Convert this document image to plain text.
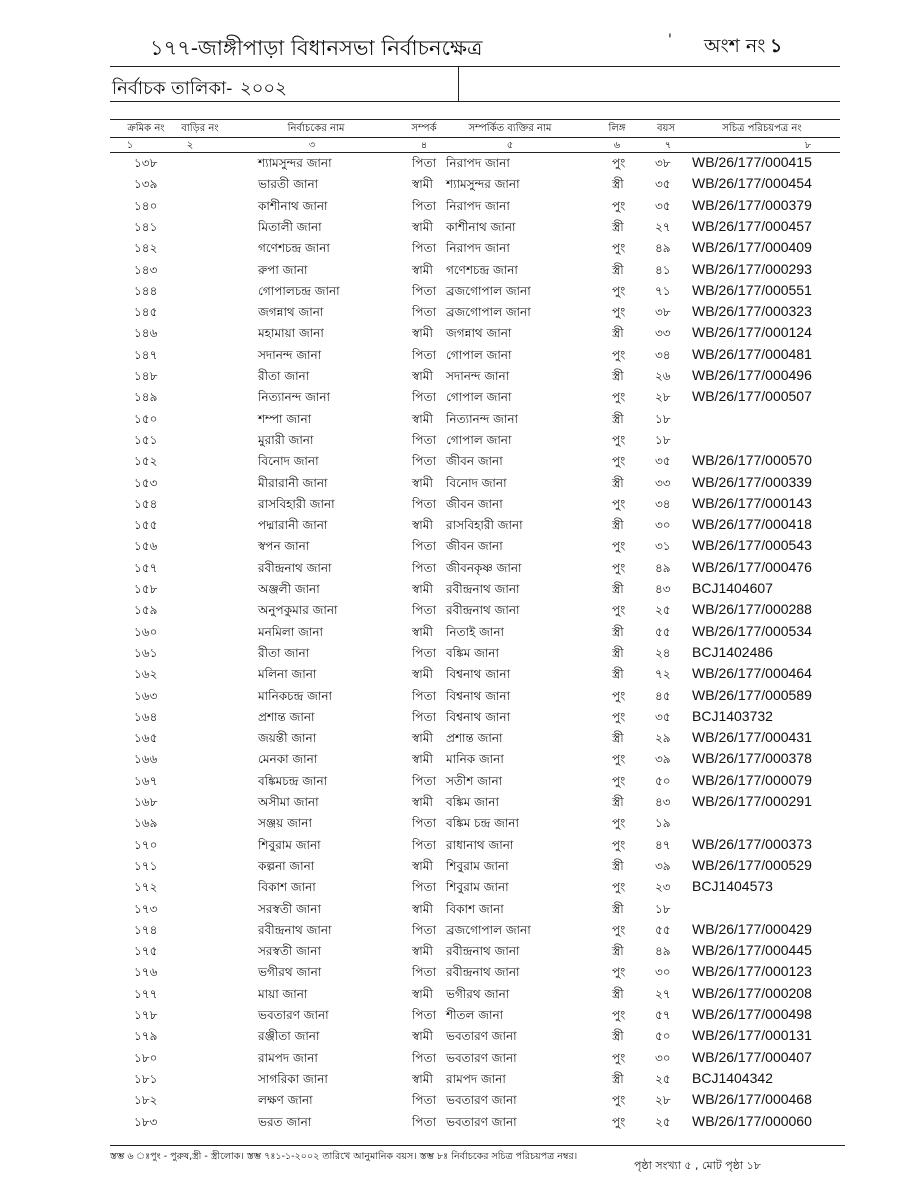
১৭৭-জাঙ্গীপাড়া বিধানসভা নির্বাচনক্ষেত্র	' অংশ নং ১
নির্বাচক তালিকা- ২০০২
ক্রমিক নং বাড়ির নং	নির্বাচকের নাম	সম্পর্ক	সম্পর্কিত ব্যক্তির নাম	লিঙ্গ	বয়স	সচিত্র পরিচয়পত্র নং
১	২	৩	৪	৫	৬	৭	৮
১৩৮	শ্যামসুন্দর জানা	পিতা নিরাপদ জানা	পুং ৩৮ WB/26/177/000415
১৩৯	ভারতী জানা	স্বামী শ্যামসুন্দর জানা	স্ত্রী	৩৫ WB/26/177/000454
১৪০	কাশীনাথ জানা	পিতা নিরাপদ জানা	পুং ৩৫ WB/26/177/000379
১৪১	মিতালী জানা	স্বামী কাশীনাথ জানা	স্ত্রী	২৭ WB/26/177/000457
১৪২	গণেশচন্দ্র জানা	পিতা নিরাপদ জানা	পুং ৪৯ WB/26/177/000409
১৪৩	রুপা জানা	স্বামী গণেশচন্দ্র জানা	স্ত্রী	৪১ WB/26/177/000293
১৪৪	গোপালচন্দ্র জানা	পিতা ব্রজগোপাল জানা	পুং ৭১ WB/26/177/000551
১৪৫	জগন্নাথ জানা	পিতা ব্রজগোপাল জানা	পুং ৩৮ WB/26/177/000323
১৪৬	মহামায়া জানা	স্বামী জগন্নাথ জানা	স্ত্রী	৩৩ WB/26/177/000124
১৪৭	সদানন্দ জানা	পিতা গোপাল জানা	পুং ৩৪ WB/26/177/000481
১৪৮	রীতা জানা	স্বামী সদানন্দ জানা	স্ত্রী	২৬ WB/26/177/000496
১৪৯	নিত্যানন্দ জানা	পিতা গোপাল জানা	পুং ২৮ WB/26/177/000507
১৫০	শম্পা জানা	স্বামী নিত্যানন্দ জানা	স্ত্রী	১৮
১৫১	মুরারী জানা	পিতা গোপাল জানা	পুং ১৮
১৫২	বিনোদ জানা	পিতা জীবন জানা	পুং ৩৫ WB/26/177/000570
১৫৩	মীরারানী জানা	স্বামী বিনোদ জানা	স্ত্রী	৩৩ WB/26/177/000339
১৫৪	রাসবিহারী জানা	পিতা জীবন জানা	পুং ৩৪ WB/26/177/000143
১৫৫	পদ্মারানী জানা	স্বামী রাসবিহারী জানা	স্ত্রী	৩০ WB/26/177/000418
১৫৬	স্বপন জানা	পিতা জীবন জানা	পুং ৩১ WB/26/177/000543
১৫৭	রবীন্দ্রনাথ জানা	পিতা জীবনকৃষ্ণ জানা	পুং ৪৯ WB/26/177/000476
১৫৮	অঞ্জলী জানা	স্বামী রবীন্দ্রনাথ জানা	স্ত্রী	৪৩ BCJ1404607
১৫৯	অনুপকুমার জানা	পিতা রবীন্দ্রনাথ জানা	পুং ২৫ WB/26/177/000288
১৬০	মনমিলা জানা	স্বামী নিতাই জানা	স্ত্রী	৫৫ WB/26/177/000534
১৬১	রীতা জানা	পিতা বঙ্কিম জানা	স্ত্রী	২৪ BCJ1402486
১৬২	মলিনা জানা	স্বামী বিশ্বনাথ জানা	স্ত্রী	৭২ WB/26/177/000464
১৬৩	মানিকচন্দ্র জানা	পিতা বিশ্বনাথ জানা	পুং ৪৫ WB/26/177/000589
১৬৪	প্রশান্ত জানা	পিতা বিশ্বনাথ জানা	পুং ৩৫ BCJ1403732
১৬৫	জয়ন্তী জানা	স্বামী প্রশান্ত জানা	স্ত্রী	২৯ WB/26/177/000431
১৬৬	মেনকা জানা	স্বামী মানিক জানা	পুং ৩৯ WB/26/177/000378
১৬৭	বঙ্কিমচন্দ্র জানা	পিতা সতীশ জানা	পুং ৫০ WB/26/177/000079
১৬৮	অসীমা জানা	স্বামী বঙ্কিম জানা	স্ত্রী	৪৩ WB/26/177/000291
১৬৯	সঞ্জয় জানা	পিতা বঙ্কিম চন্দ্র জানা	পুং ১৯
১৭০	শিবুরাম জানা	পিতা রাধানাথ জানা	পুং ৪৭ WB/26/177/000373
১৭১	কল্পনা জানা	স্বামী শিবুরাম জানা	স্ত্রী	৩৯ WB/26/177/000529
১৭২	বিকাশ জানা	পিতা শিবুরাম জানা	পুং ২৩ BCJ1404573
১৭৩	সরস্বতী জানা	স্বামী বিকাশ জানা	স্ত্রী	১৮
১৭৪	রবীন্দ্রনাথ জানা	পিতা ব্রজগোপাল জানা	পুং ৫৫ WB/26/177/000429
১৭৫	সরস্বতী জানা	স্বামী রবীন্দ্রনাথ জানা	স্ত্রী	৪৯ WB/26/177/000445
১৭৬	ভগীরথ জানা	পিতা রবীন্দ্রনাথ জানা	পুং ৩০ WB/26/177/000123
১৭৭	মায়া জানা	স্বামী ভগীরথ জানা	স্ত্রী	২৭ WB/26/177/000208
১৭৮	ভবতারণ জানা	পিতা শীতল জানা	পুং ৫৭ WB/26/177/000498
১৭৯	রঞ্জীতা জানা	স্বামী ভবতারণ জানা	স্ত্রী	৫০ WB/26/177/000131
১৮০	রামপদ জানা	পিতা ভবতারণ জানা	পুং ৩০ WB/26/177/000407
১৮১	সাগরিকা জানা	স্বামী রামপদ জানা	স্ত্রী	২৫ BCJ1404342
১৮২	লক্ষণ জানা	পিতা ভবতারণ জানা	পুং ২৮ WB/26/177/000468
১৮৩	ভরত জানা	পিতা ভবতারণ জানা	পুং ২৫ WB/26/177/000060
স্তম্ভ ৬ ঃপুং - পুরুষ,স্ত্রী - স্ত্রীলোক। স্তম্ভ ৭ঃ১-১-২০০২ তারিখে আনুমানিক বয়স। স্তম্ভ ৮ঃ নির্বাচকের সচিত্র পরিচয়পত্র নম্বর।
পৃষ্ঠা সংখ্যা ৫ , মোট পৃষ্ঠা ১৮
